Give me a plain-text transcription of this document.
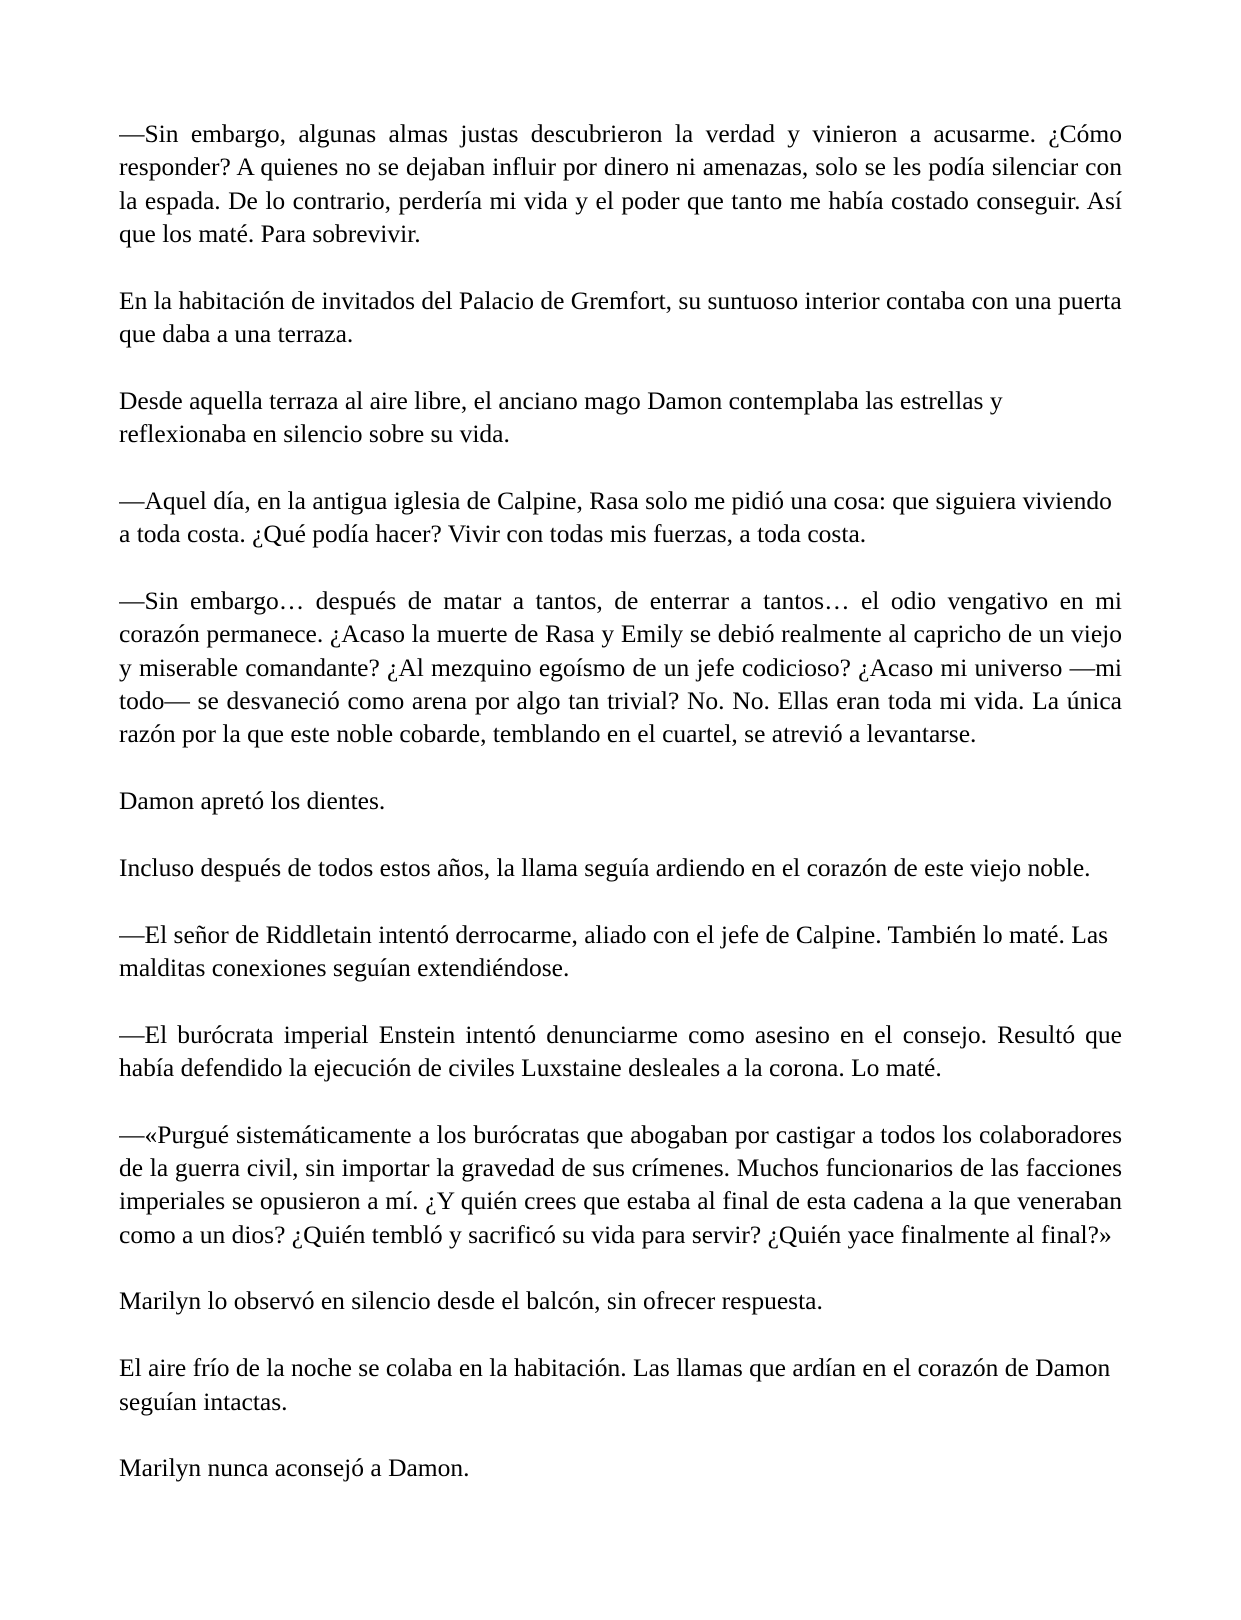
—Sin embargo, algunas almas justas descubrieron la verdad y vinieron a acusarme. ¿Cómo responder? A quienes no se dejaban influir por dinero ni amenazas, solo se les podía silenciar con la espada. De lo contrario, perdería mi vida y el poder que tanto me había costado conseguir. Así que los maté. Para sobrevivir.

En la habitación de invitados del Palacio de Gremfort, su suntuoso interior contaba con una puerta que daba a una terraza.

Desde aquella terraza al aire libre, el anciano mago Damon contemplaba las estrellas y reflexionaba en silencio sobre su vida.

—Aquel día, en la antigua iglesia de Calpine, Rasa solo me pidió una cosa: que siguiera viviendo a toda costa. ¿Qué podía hacer? Vivir con todas mis fuerzas, a toda costa.

—Sin embargo… después de matar a tantos, de enterrar a tantos… el odio vengativo en mi corazón permanece. ¿Acaso la muerte de Rasa y Emily se debió realmente al capricho de un viejo y miserable comandante? ¿Al mezquino egoísmo de un jefe codicioso? ¿Acaso mi universo —mi todo— se desvaneció como arena por algo tan trivial? No. No. Ellas eran toda mi vida. La única razón por la que este noble cobarde, temblando en el cuartel, se atrevió a levantarse.

Damon apretó los dientes.

Incluso después de todos estos años, la llama seguía ardiendo en el corazón de este viejo noble.

—El señor de Riddletain intentó derrocarme, aliado con el jefe de Calpine. También lo maté. Las malditas conexiones seguían extendiéndose.

—El burócrata imperial Enstein intentó denunciarme como asesino en el consejo. Resultó que había defendido la ejecución de civiles Luxstaine desleales a la corona. Lo maté.

—«Purgué sistemáticamente a los burócratas que abogaban por castigar a todos los colaboradores de la guerra civil, sin importar la gravedad de sus crímenes. Muchos funcionarios de las facciones imperiales se opusieron a mí. ¿Y quién crees que estaba al final de esta cadena a la que veneraban como a un dios? ¿Quién tembló y sacrificó su vida para servir? ¿Quién yace finalmente al final?»

Marilyn lo observó en silencio desde el balcón, sin ofrecer respuesta.

El aire frío de la noche se colaba en la habitación. Las llamas que ardían en el corazón de Damon seguían intactas.

Marilyn nunca aconsejó a Damon.
